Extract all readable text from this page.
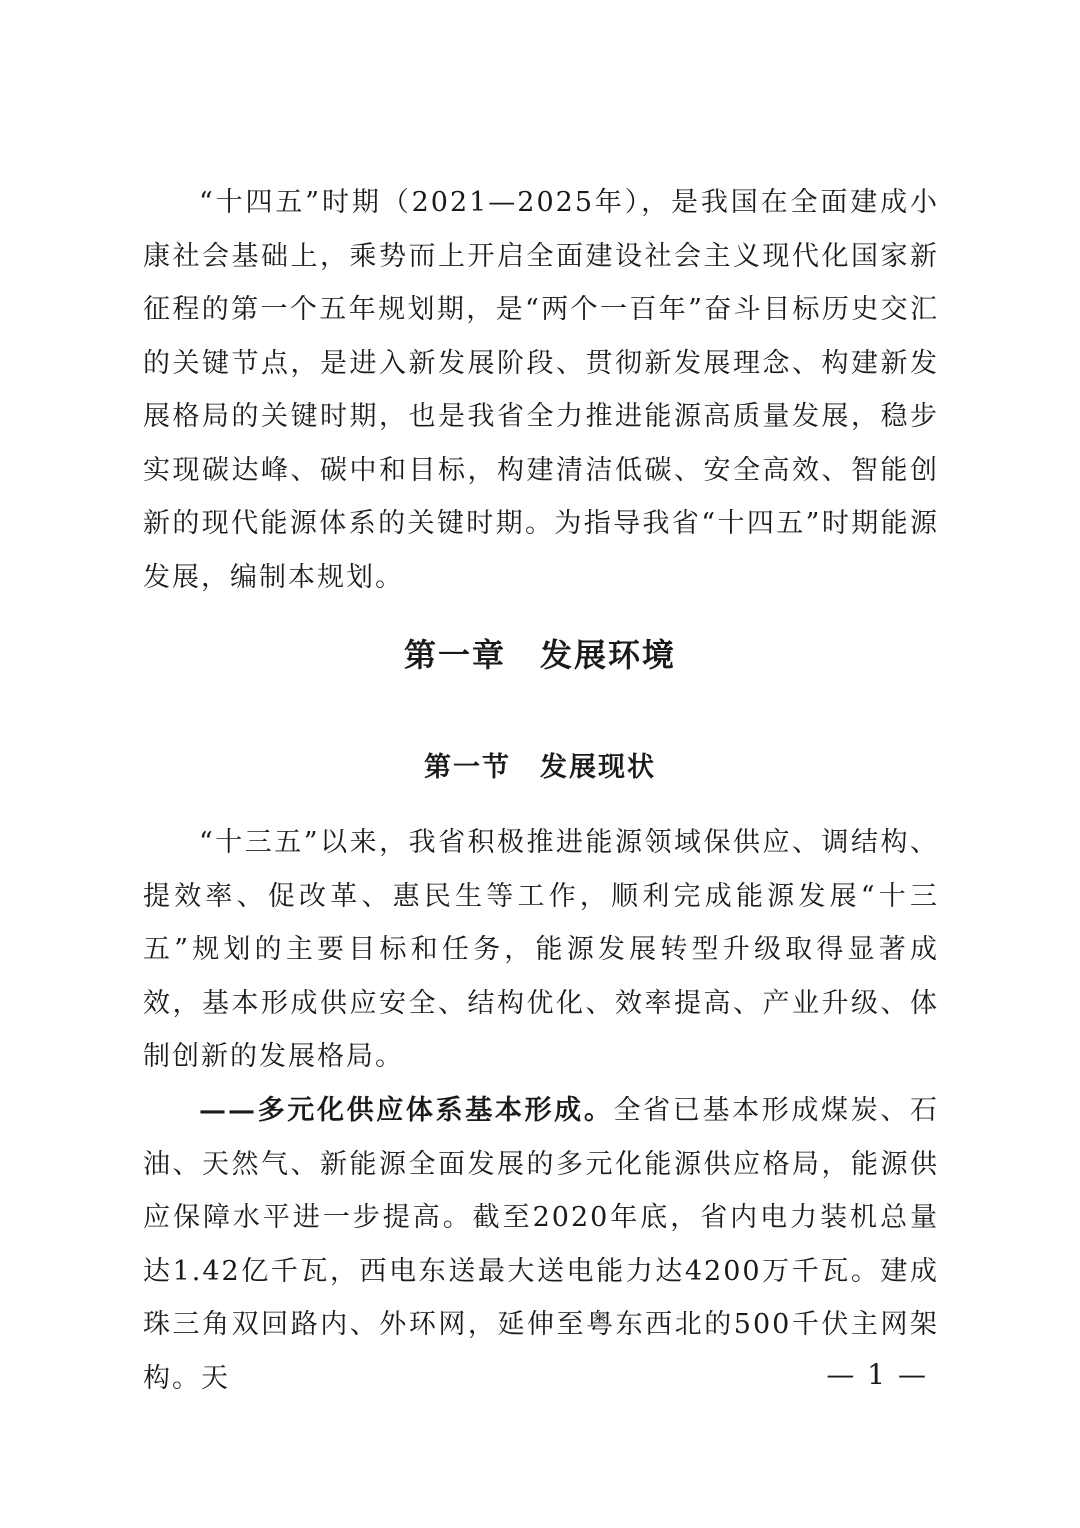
“十四五”时期（2021—2025年），是我国在全面建成小康社会基础上，乘势而上开启全面建设社会主义现代化国家新征程的第一个五年规划期，是“两个一百年”奋斗目标历史交汇的关键节点，是进入新发展阶段、贯彻新发展理念、构建新发展格局的关键时期，也是我省全力推进能源高质量发展，稳步实现碳达峰、碳中和目标，构建清洁低碳、安全高效、智能创新的现代能源体系的关键时期。为指导我省“十四五”时期能源发展，编制本规划。

第一章　发展环境
第一节　发展现状

“十三五”以来，我省积极推进能源领域保供应、调结构、提效率、促改革、惠民生等工作，顺利完成能源发展“十三五”规划的主要目标和任务，能源发展转型升级取得显著成效，基本形成供应安全、结构优化、效率提高、产业升级、体制创新的发展格局。

——多元化供应体系基本形成。全省已基本形成煤炭、石油、天然气、新能源全面发展的多元化能源供应格局，能源供应保障水平进一步提高。截至2020年底，省内电力装机总量达1.42亿千瓦，西电东送最大送电能力达4200万千瓦。建成珠三角双回路内、外环网，延伸至粤东西北的500千伏主网架构。天	— 1 —
